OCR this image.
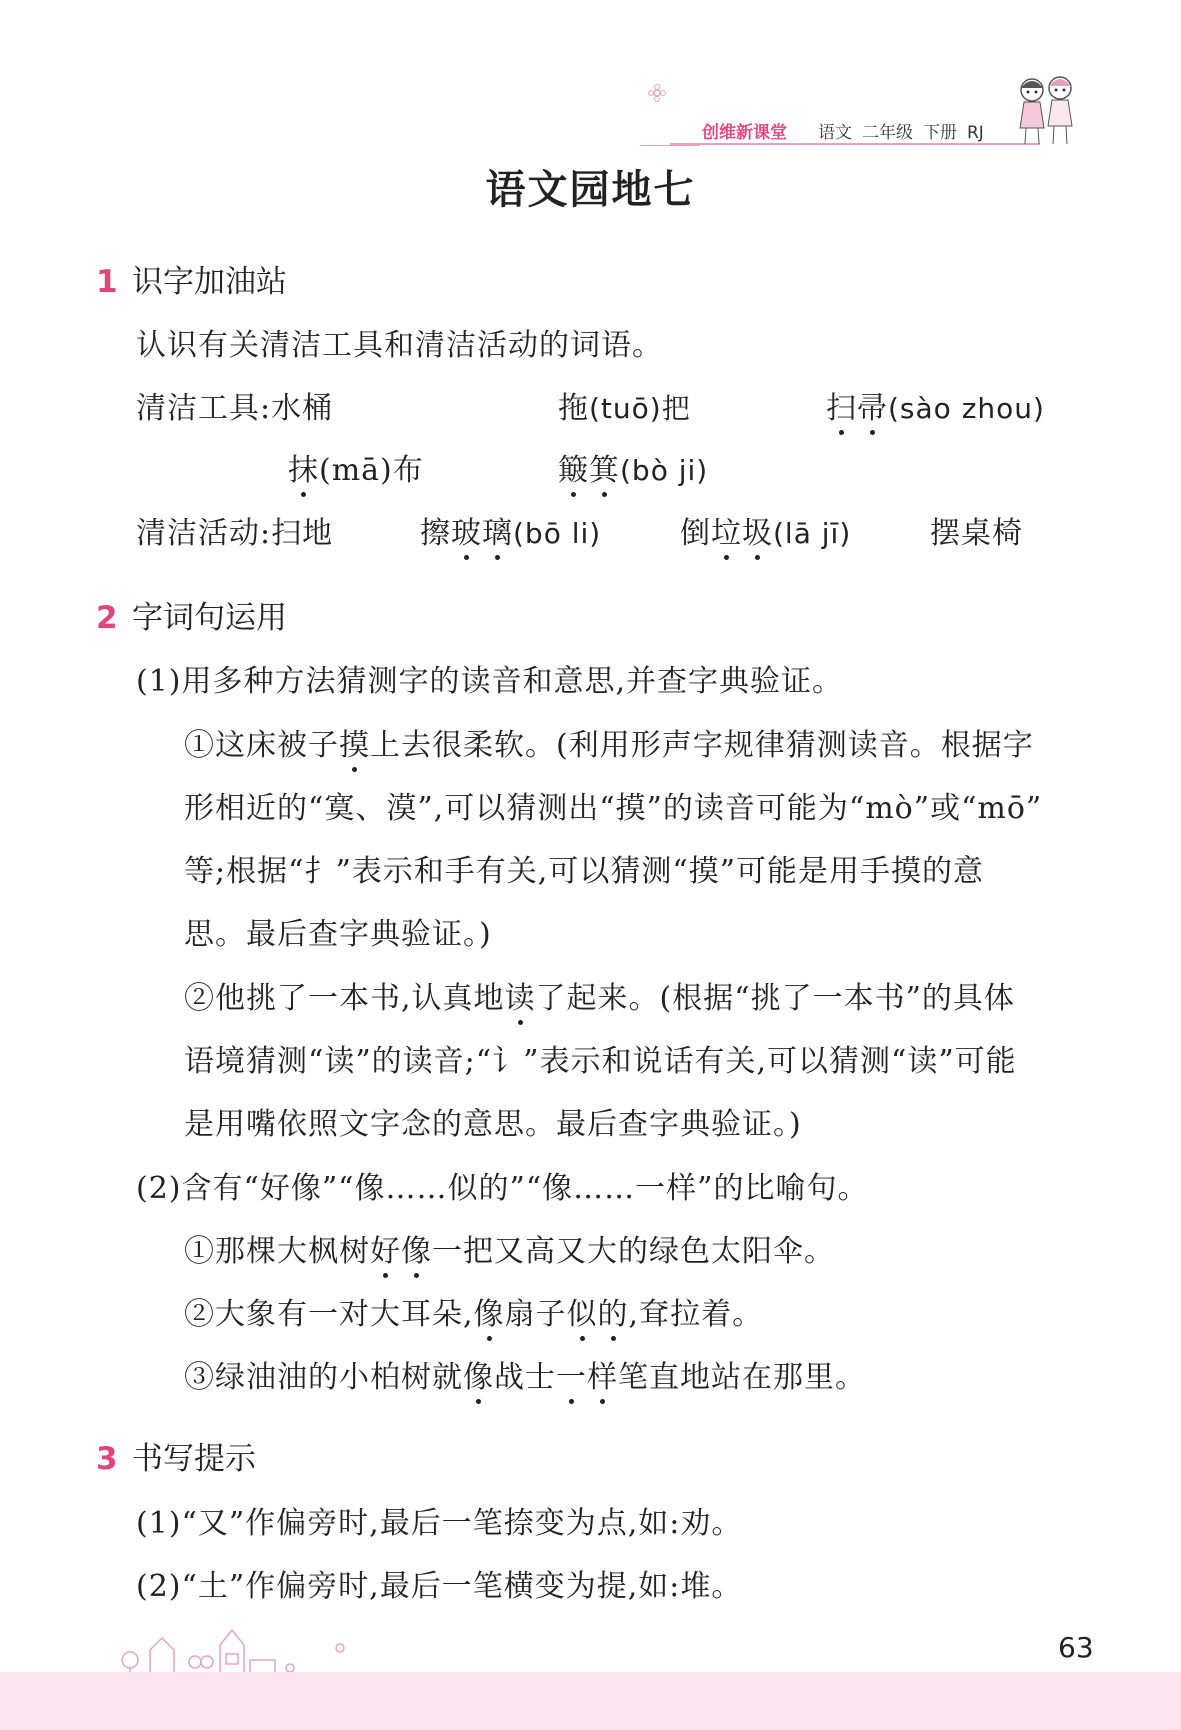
创维新课堂 语文 二年级 下册 RJ
语文园地七
1 识字加油站
认识有关清洁工具和清洁活动的词语。
清洁工具:水桶	拖(tuō)把	扫帚(sào zhou)
抹(mā)布	簸箕(bò ji)
清洁活动:扫地	擦玻璃(bō li)	倒垃圾(lā jī)	摆桌椅
2 字词句运用
(1)用多种方法猜测字的读音和意思,并查字典验证。
①这床被子摸上去很柔软。(利用形声字规律猜测读音。根据字
形相近的“寞、漠”,可以猜测出“摸”的读音可能为“mò”或“mō”
等;根据“扌”表示和手有关,可以猜测“摸”可能是用手摸的意
思。最后查字典验证。)
②他挑了一本书,认真地读了起来。(根据“挑了一本书”的具体
语境猜测“读”的读音;“讠”表示和说话有关,可以猜测“读”可能
是用嘴依照文字念的意思。最后查字典验证。)
(2)含有“好像”“像……似的”“像……一样”的比喻句。
①那棵大枫树好像一把又高又大的绿色太阳伞。
②大象有一对大耳朵,像扇子似的,耷拉着。
③绿油油的小柏树就像战士一样笔直地站在那里。
3 书写提示
(1)“又”作偏旁时,最后一笔捺变为点,如:劝。
(2)“土”作偏旁时,最后一笔横变为提,如:堆。
63
